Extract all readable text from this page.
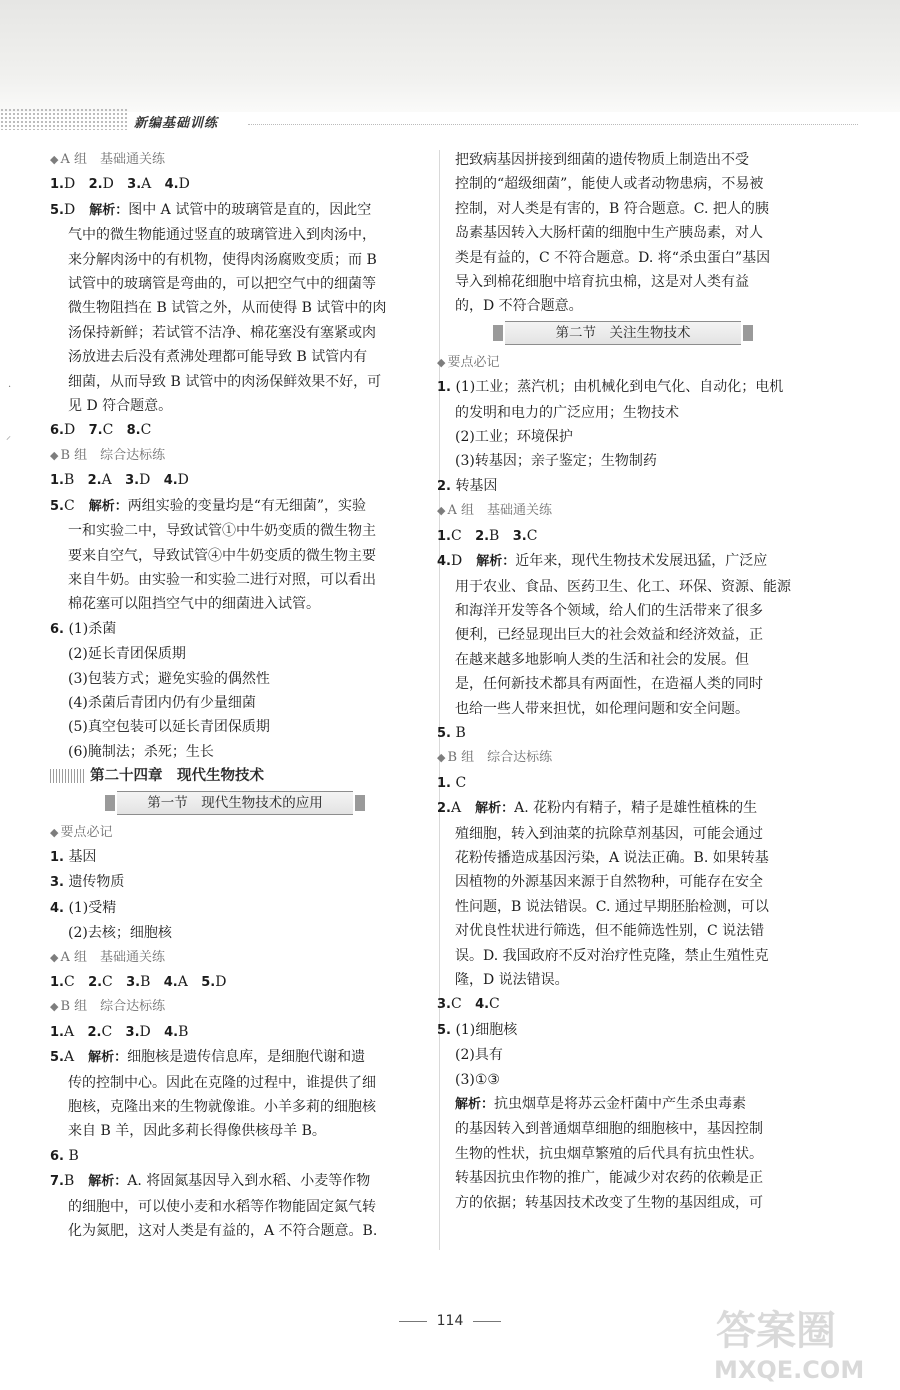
新编基础训练
·
⸝
◆ A 组　基础通关练
1.D 2.D 3.A 4.D
5.D　解析：图中 A 试管中的玻璃管是直的，因此空
气中的微生物能通过竖直的玻璃管进入到肉汤中，
来分解肉汤中的有机物，使得肉汤腐败变质；而 B
试管中的玻璃管是弯曲的，可以把空气中的细菌等
微生物阻挡在 B 试管之外，从而使得 B 试管中的肉
汤保持新鲜；若试管不洁净、棉花塞没有塞紧或肉
汤放进去后没有煮沸处理都可能导致 B 试管内有
细菌，从而导致 B 试管中的肉汤保鲜效果不好，可
见 D 符合题意。
6.D 7.C 8.C
◆ B 组　综合达标练
1.B 2.A 3.D 4.D
5.C　解析：两组实验的变量均是“有无细菌”，实验
一和实验二中，导致试管①中牛奶变质的微生物主
要来自空气，导致试管④中牛奶变质的微生物主要
来自牛奶。由实验一和实验二进行对照，可以看出
棉花塞可以阻挡空气中的细菌进入试管。
6. (1)杀菌
(2)延长青团保质期
(3)包装方式；避免实验的偶然性
(4)杀菌后青团内仍有少量细菌
(5)真空包装可以延长青团保质期
(6)腌制法；杀死；生长
第二十四章　现代生物技术
第一节　现代生物技术的应用
◆ 要点必记
1. 基因
3. 遗传物质
4. (1)受精
(2)去核；细胞核
◆ A 组　基础通关练
1.C 2.C 3.B 4.A 5.D
◆ B 组　综合达标练
1.A 2.C 3.D 4.B
5.A　解析：细胞核是遗传信息库，是细胞代谢和遗
传的控制中心。因此在克隆的过程中，谁提供了细
胞核，克隆出来的生物就像谁。小羊多莉的细胞核
来自 B 羊，因此多莉长得像供核母羊 B。
6. B
7.B　解析：A. 将固氮基因导入到水稻、小麦等作物
的细胞中，可以使小麦和水稻等作物能固定氮气转
化为氮肥，这对人类是有益的，A 不符合题意。B.
把致病基因拼接到细菌的遗传物质上制造出不受
控制的“超级细菌”，能使人或者动物患病，不易被
控制，对人类是有害的，B 符合题意。C. 把人的胰
岛素基因转入大肠杆菌的细胞中生产胰岛素，对人
类是有益的，C 不符合题意。D. 将“杀虫蛋白”基因
导入到棉花细胞中培育抗虫棉，这是对人类有益
的，D 不符合题意。
第二节　关注生物技术
◆ 要点必记
1. (1)工业；蒸汽机；由机械化到电气化、自动化；电机
的发明和电力的广泛应用；生物技术
(2)工业；环境保护
(3)转基因；亲子鉴定；生物制药
2. 转基因
◆ A 组　基础通关练
1.C 2.B 3.C
4.D　解析：近年来，现代生物技术发展迅猛，广泛应
用于农业、食品、医药卫生、化工、环保、资源、能源
和海洋开发等各个领域，给人们的生活带来了很多
便利，已经显现出巨大的社会效益和经济效益，正
在越来越多地影响人类的生活和社会的发展。但
是，任何新技术都具有两面性，在造福人类的同时
也给一些人带来担忧，如伦理问题和安全问题。
5. B
◆ B 组　综合达标练
1. C
2.A　解析：A. 花粉内有精子，精子是雄性植株的生
殖细胞，转入到油菜的抗除草剂基因，可能会通过
花粉传播造成基因污染，A 说法正确。B. 如果转基
因植物的外源基因来源于自然物种，可能存在安全
性问题，B 说法错误。C. 通过早期胚胎检测，可以
对优良性状进行筛选，但不能筛选性别，C 说法错
误。D. 我国政府不反对治疗性克隆，禁止生殖性克
隆，D 说法错误。
3.C 4.C
5. (1)细胞核
(2)具有
(3)①③
解析：抗虫烟草是将苏云金杆菌中产生杀虫毒素
的基因转入到普通烟草细胞的细胞核中，基因控制
生物的性状，抗虫烟草繁殖的后代具有抗虫性状。
转基因抗虫作物的推广，能减少对农药的依赖是正
方的依据；转基因技术改变了生物的基因组成，可
114	答案圈
MXQE.COM
